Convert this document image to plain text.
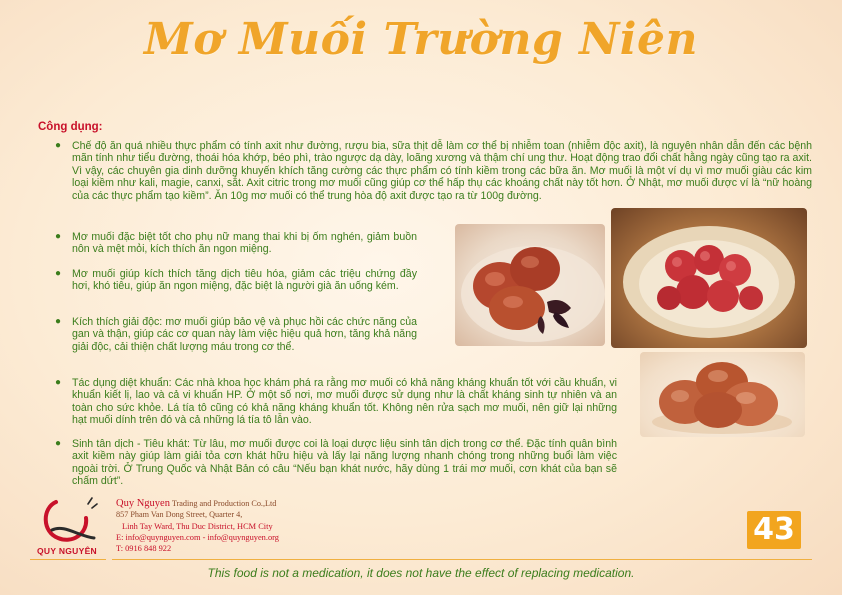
Mơ Muối Trường Niên
Công dụng:
● Chế độ ăn quá nhiều thực phẩm có tính axit như đường, rượu bia, sữa thịt dễ làm cơ thể bị nhiễm toan (nhiễm độc axit), là nguyên nhân dẫn đến các bệnh mãn tính như tiểu đường, thoái hóa khớp, béo phì, trào ngược dạ dày, loãng xương và thậm chí ung thư. Hoạt động trao đổi chất hằng ngày cũng tạo ra axit. Vì vậy, các chuyên gia dinh dưỡng khuyến khích tăng cường các thực phẩm có tính kiềm trong các bữa ăn. Mơ muối là một ví dụ vì mơ muối giàu các kim loại kiềm như kali, magie, canxi, sắt. Axit citric trong mơ muối cũng giúp cơ thể hấp thụ các khoáng chất này tốt hơn. Ở Nhật, mơ muối được ví là “nữ hoàng của các thực phẩm tạo kiềm”. Ăn 10g mơ muối có thể trung hòa độ axit được tạo ra từ 100g đường.
● Mơ muối đặc biệt tốt cho phụ nữ mang thai khi bị ốm nghén, giảm buồn nôn và mệt mỏi, kích thích ăn ngon miệng.
● Mơ muối giúp kích thích tăng dịch tiêu hóa, giảm các triệu chứng đầy hơi, khó tiêu, giúp ăn ngon miệng, đặc biệt là người già ăn uống kém.
● Kích thích giải độc: mơ muối giúp bảo vệ và phục hồi các chức năng của gan và thận, giúp các cơ quan này làm việc hiệu quả hơn, tăng khả năng giải độc, cải thiện chất lượng máu trong cơ thể.
● Tác dụng diệt khuẩn: Các nhà khoa học khám phá ra rằng mơ muối có khả năng kháng khuẩn tốt với cầu khuẩn, vi khuẩn kiết lị, lao và cả vi khuẩn HP. Ở một số nơi, mơ muối được sử dụng như là chất kháng sinh tự nhiên và an toàn cho sức khỏe. Lá tía tô cũng có khả năng kháng khuẩn tốt. Không nên rửa sạch mơ muối, nên giữ lại những hạt muối dính trên đó và cả những lá tía tô lẫn vào.
● Sinh tân dịch - Tiêu khát: Từ lâu, mơ muối được coi là loại dược liệu sinh tân dịch trong cơ thể. Đặc tính quân bình axit kiềm này giúp làm giải tỏa cơn khát hữu hiệu và lấy lại năng lượng nhanh chóng trong những buổi làm việc ngoài trời. Ở Trung Quốc và Nhật Bản có câu “Nếu bạn khát nước, hãy dùng 1 trái mơ muối, cơn khát của bạn sẽ chấm dứt”.
QUY NGUYÊN
Quy Nguyen Trading and Production Co.,Ltd
857 Pham Van Dong Street, Quarter 4,
Linh Tay Ward, Thu Duc District, HCM City
E: info@quynguyen.com - info@quynguyen.org
T: 0916 848 922
43
This food is not a medication, it does not have the effect of replacing medication.
